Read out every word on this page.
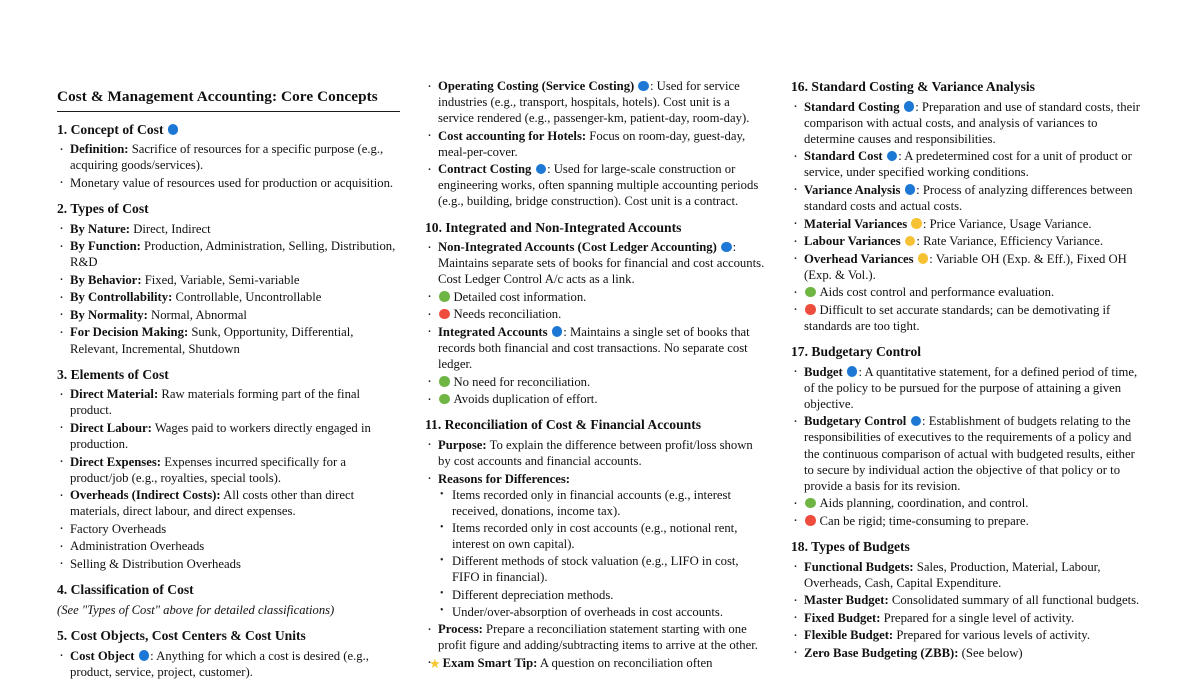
Cost & Management Accounting: Core Concepts
1. Concept of Cost
· Definition: Sacrifice of resources for a specific purpose (e.g., acquiring goods/services).
· Monetary value of resources used for production or acquisition.
2. Types of Cost
· By Nature: Direct, Indirect
· By Function: Production, Administration, Selling, Distribution, R&D
· By Behavior: Fixed, Variable, Semi-variable
· By Controllability: Controllable, Uncontrollable
· By Normality: Normal, Abnormal
· For Decision Making: Sunk, Opportunity, Differential, Relevant, Incremental, Shutdown
3. Elements of Cost
· Direct Material: Raw materials forming part of the final product.
· Direct Labour: Wages paid to workers directly engaged in production.
· Direct Expenses: Expenses incurred specifically for a product/job (e.g., royalties, special tools).
· Overheads (Indirect Costs): All costs other than direct materials, direct labour, and direct expenses.
· Factory Overheads
· Administration Overheads
· Selling & Distribution Overheads
4. Classification of Cost
(See "Types of Cost" above for detailed classifications)
5. Cost Objects, Cost Centers & Cost Units
· Cost Object : Anything for which a cost is desired (e.g., product, service, project, customer).
· Operating Costing (Service Costing) : Used for service industries (e.g., transport, hospitals, hotels). Cost unit is a service rendered (e.g., passenger-km, patient-day, room-day).
· Cost accounting for Hotels: Focus on room-day, guest-day, meal-per-cover.
· Contract Costing : Used for large-scale construction or engineering works, often spanning multiple accounting periods (e.g., building, bridge construction). Cost unit is a contract.
10. Integrated and Non-Integrated Accounts
· Non-Integrated Accounts (Cost Ledger Accounting) : Maintains separate sets of books for financial and cost accounts. Cost Ledger Control A/c acts as a link.
· Detailed cost information.
· Needs reconciliation.
· Integrated Accounts : Maintains a single set of books that records both financial and cost transactions. No separate cost ledger.
· No need for reconciliation.
· Avoids duplication of effort.
11. Reconciliation of Cost & Financial Accounts
· Purpose: To explain the difference between profit/loss shown by cost accounts and financial accounts.
· Reasons for Differences:
• Items recorded only in financial accounts (e.g., interest received, donations, income tax).
• Items recorded only in cost accounts (e.g., notional rent, interest on own capital).
• Different methods of stock valuation (e.g., LIFO in cost, FIFO in financial).
• Different depreciation methods.
• Under/over-absorption of overheads in cost accounts.
· Process: Prepare a reconciliation statement starting with one profit figure and adding/subtracting items to arrive at the other.
· ★ Exam Smart Tip: A question on reconciliation often
16. Standard Costing & Variance Analysis
· Standard Costing : Preparation and use of standard costs, their comparison with actual costs, and analysis of variances to determine causes and responsibilities.
· Standard Cost : A predetermined cost for a unit of product or service, under specified working conditions.
· Variance Analysis : Process of analyzing differences between standard costs and actual costs.
· Material Variances : Price Variance, Usage Variance.
· Labour Variances : Rate Variance, Efficiency Variance.
· Overhead Variances : Variable OH (Exp. & Eff.), Fixed OH (Exp. & Vol.).
· Aids cost control and performance evaluation.
· Difficult to set accurate standards; can be demotivating if standards are too tight.
17. Budgetary Control
· Budget : A quantitative statement, for a defined period of time, of the policy to be pursued for the purpose of attaining a given objective.
· Budgetary Control : Establishment of budgets relating to the responsibilities of executives to the requirements of a policy and the continuous comparison of actual with budgeted results, either to secure by individual action the objective of that policy or to provide a basis for its revision.
· Aids planning, coordination, and control.
· Can be rigid; time-consuming to prepare.
18. Types of Budgets
· Functional Budgets: Sales, Production, Material, Labour, Overheads, Cash, Capital Expenditure.
· Master Budget: Consolidated summary of all functional budgets.
· Fixed Budget: Prepared for a single level of activity.
· Flexible Budget: Prepared for various levels of activity.
· Zero Base Budgeting (ZBB): (See below)
